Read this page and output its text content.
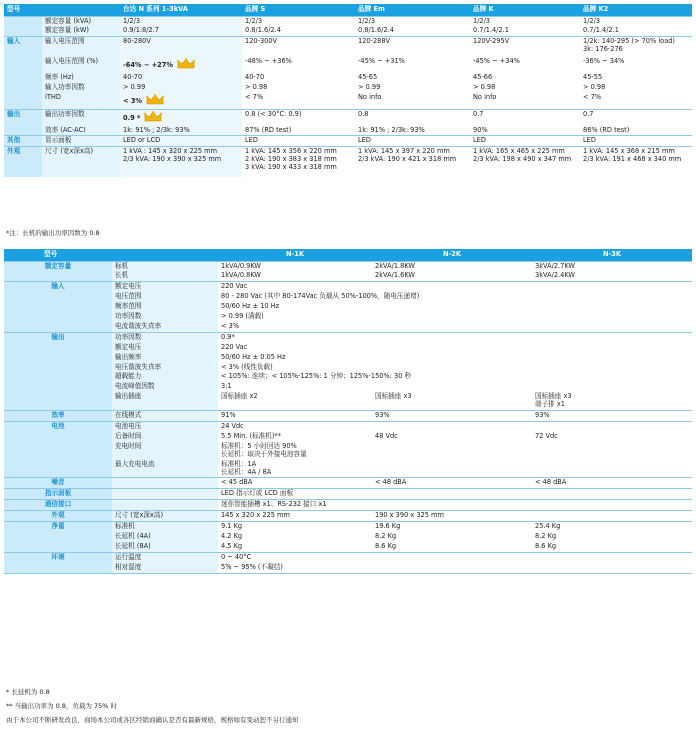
型号		台达 N 系列 1-3kVA	品牌 S	品牌 Em	品牌 K	品牌 K2
	额定容量 (kVA)	1/2/3	1/2/3	1/2/3	1/2/3	1/2/3
	额定容量 (kW)	0.9/1.8/2.7	0.8/1.6/2.4	0.8/1.6/2.4	0.7/1.4/2.1	0.7/1.4/2.1
输入	输入电压范围	80-280V	120-300V	120-288V	120V-295V	1/2k: 140-295 (> 70% load)
3k: 176-276
	输入电压范围 (%)	-64% ~ +27%	-48% ~ +36%	-45% ~ +31%	-45% ~ +34%	-36% ~ 34%
	频率 (Hz)	40-70	40-70	45-65	45-66	45-55
	输入功率因数	> 0.99	> 0.98	> 0.99	> 0.98	> 0.98
	iTHD	< 3%	< 7%	No info	No info	< 7%
输出	输出功率因数	0.9 *	0.8 (< 30°C: 0.9)	0.8	0.7	0.7
	效率 (AC-AC)	1k: 91% ; 2/3k: 93%	87% (RD test)	1k: 91% ; 2/3k: 93%	90%	86% (RD test)
其他	显示面板	LED or LCD	LED	LED	LED	LED
外观	尺寸 (宽x深x高)	1 kVA : 145 x 320 x 225 mm
2/3 kVA: 190 x 390 x 325 mm	1 kVA: 145 x 356 x 220 mm
2 kVA: 190 x 383 x 318 mm
3 kVA: 190 x 433 x 318 mm	1 kVA: 145 x 397 x 220 mm
2/3 kVA: 190 x 421 x 318 mm	1 kVA: 165 x 465 x 225 mm
2/3 kVA: 198 x 490 x 347 mm	1 kVA: 145 x 368 x 215 mm
2/3 kVA: 191 x 468 x 340 mm

*注：长机的输出功率因数为 0.8
型号		N-1K	N-2K	N-3K
额定容量	标机	1kVA/0.9KW	2kVA/1.8KW	3kVA/2.7KW
	长机	1kVA/0.8KW	2kVA/1.6KW	3kVA/2.4KW
输入	额定电压	220 Vac		
	电压范围	80 - 280 Vac (其中 80-174Vac 负载从 50%-100%，随电压递增)		
	频率范围	50/60 Hz ± 10 Hz		
	功率因数	> 0.99 (满载)		
	电流谐波失真率	< 3%		
输出	功率因数	0.9*		
	额定电压	220 Vac		
	输出频率	50/60 Hz ± 0.05 Hz		
	电压谐波失真率	< 3% (线性负载)		
	超载能力	< 105%: 连续；< 105%-125%: 1 分钟；125%-150%: 30 秒		
	电流峰值因数	3:1		
	输出插座	国标插座 x2	国标插座 x3	国标插座 x3
端子排 x1
效率	在线模式	91%	93%	93%
电池	电池电压	24 Vdc	48 Vdc	72 Vdc
	后备时间	5.5 Min. (标准机)**		
	充电时间	标准机：5 小时回达 90%
长延机：取决于外接电池容量		
	最大充电电流	标准机：1A
长延机：4A / 8A		
噪音		< 45 dBA	< 48 dBA	< 48 dBA
指示面板		LED 指示灯或 LCD 面板		
通信接口		迷你智能插槽 x1、RS-232 接口 x1		
外观	尺寸 (宽x深x高)	145 x 320 x 225 mm	190 x 390 x 325 mm	
净重	标准机	9.1 Kg	19.6 Kg	25.4 Kg
	长延机 (4A)	4.2 Kg	8.2 Kg	8.2 Kg
	长延机 (8A)	4.5 Kg	8.6 Kg	8.6 Kg
环境	运行温度	0 ~ 40°C		
	相对湿度	5% ~ 95% (不凝结)		

* 长延机为 0.8
** 当输出功率为 0.8，负载为 75% 时
由于本公司不断研发改良，商场本公司或各区经销商确认是否有最新规格，规格如有变动恕不另行通知
